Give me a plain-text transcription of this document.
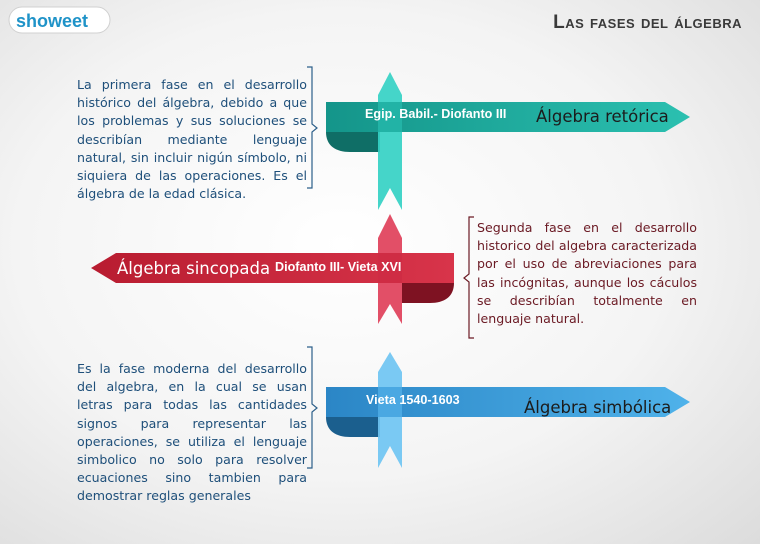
showeet	Las fases del álgebra
Egip. Babil.- Diofanto III Álgebra retórica
La primera fase en el desarrollo histórico del álgebra, debido a que los problemas y sus soluciones se describían mediante lenguaje natural, sin incluir nigún símbolo, ni siquiera de las operaciones. Es el álgebra de la edad clásica.
Álgebra sincopada Diofanto III- Vieta XVI
Segunda fase en el desarrollo historico del algebra caracterizada por el uso de abreviaciones para las incógnitas, aunque los cáculos se describían totalmente en lenguaje natural.
Vieta 1540-1603	Álgebra simbólica
Es la fase moderna del desarrollo del algebra, en la cual se usan letras para todas las cantidades signos para representar las operaciones, se utiliza el lenguaje simbolico no solo para resolver ecuaciones sino tambien para demostrar reglas generales
